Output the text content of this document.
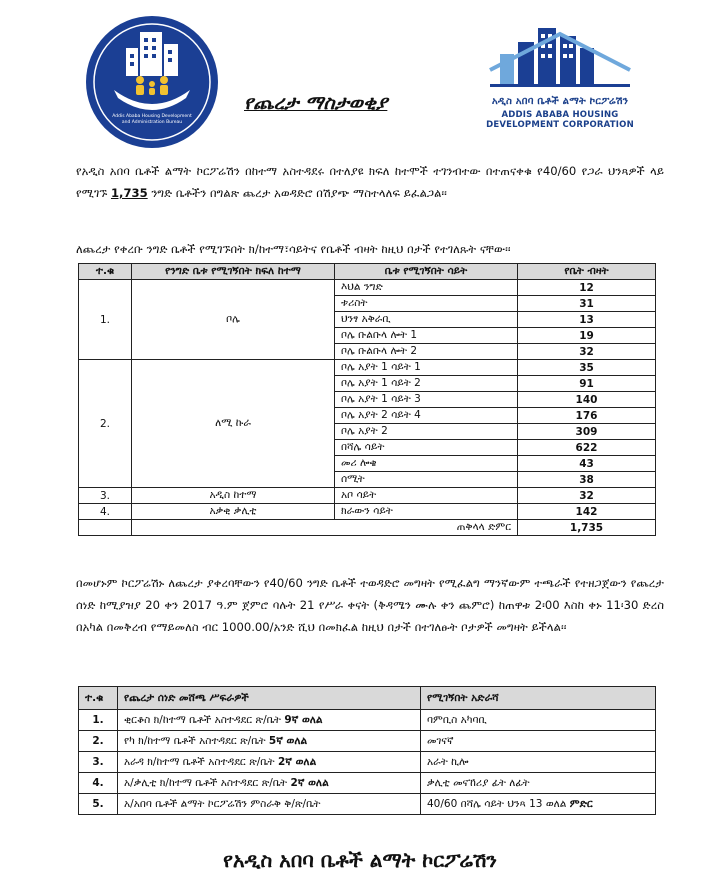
Addis Ababa Housing Development and Administration Bureau
አዲስ አበባ ቤቶች ልማት ኮርፖሬሽን
ADDIS ABABA HOUSING DEVELOPMENT CORPORATION
የጨረታ ማስታወቂያ
የአዲስ አበባ ቤቶች ልማት ኮርፖሬሽን በከተማ አስተዳደሩ በተለያዩ ክፍለ ከተሞች ተገንብተው በተጠናቀቁ የ40/60 የጋራ ህንጻዎች ላይ የሚገኙ 1,735 ንግድ ቤቶችን በግልጽ ጨረታ አወዳድሮ በሽያጭ ማስተላለፍ ይፈልጋል፡፡
ለጨረታ የቀረቡ ንግድ ቤቶች የሚገኙበት ክ/ከተማ፣ሳይትና የቤቶች ብዛት ከዚህ በታች የተገለጹት ናቸው፡፡
ተ.ቁ	የንግድ ቤቱ የሚገኝበት ክፍለ ከተማ	ቤቱ የሚገኝበት ሳይት	የቤት ብዛት
1.	ቦሌ	እህል ንግድ	12
		ቱሪስት	31
		ህንፃ አቅራቢ	13
		ቦሌ ቡልቡላ ሎት 1	19
		ቦሌ ቡልቡላ ሎት 2	32
2.	ለሚ ኩራ	ቦሌ አያት 1 ሳይት 1	35
		ቦሌ አያት 1 ሳይት 2	91
		ቦሌ አያት 1 ሳይት 3	140
		ቦሌ አያት 2 ሳይት 4	176
		ቦሌ አያት 2	309
		በሻሌ ሳይት	622
		መሪ ሎቄ	43
		ሰሚት	38
3.	አዲስ ከተማ	አቦ ሳይት	32
4.	አቃቂ ቃሊቲ	ክራውን ሳይት	142
	ጠቅላላ ድምር		1,735
በመሆኑም ኮርፖሬሽኑ ለጨረታ ያቀረባቸውን የ40/60 ንግድ ቤቶች ተወዳድሮ መግዛት የሚፈልግ ማንኛውም ተጫራች የተዘጋጀውን የጨረታ ሰነድ ከሚያዝያ 20 ቀን 2017 ዓ.ም ጀምሮ ባሉት 21 የሥራ ቀናት (ቅዳሜን ሙሉ ቀን ጨምሮ) ከጠዋቱ 2፡00 እስከ ቀኑ 11፡30 ድረስ በአካል በመቅረብ የማይመለስ ብር 1000.00/አንድ ሺህ በመክፈል ከዚህ በታች በተገለፁት ቦታዎች መግዛት ይችላል፡፡
ተ.ቁ	የጨረታ ሰነድ መሸጫ ሥፍራዎች	የሚገኝበት አድራሻ
1.	ቂርቆስ ክ/ከተማ ቤቶች አስተዳደር ጽ/ቤት 9ኛ ወለል	ባምቢስ አካባቢ
2.	የካ ክ/ከተማ ቤቶች አስተዳደር ጽ/ቤት 5ኛ ወለል	መገናኛ
3.	አራዳ ክ/ከተማ ቤቶች አስተዳደር ጽ/ቤት 2ኛ ወለል	አራት ኪሎ
4.	አ/ቃሊቲ ክ/ከተማ ቤቶች አስተዳደር ጽ/ቤት 2ኛ ወለል	ቃሊቲ መናኸሪያ ፊት ለፊት
5.	አ/አበባ ቤቶች ልማት ኮርፖሬሽን ምስራቅ ቅ/ጽ/ቤት	40/60 በሻሌ ሳይት ህንጻ 13 ወለል ምድር
የአዲስ አበባ ቤቶች ልማት ኮርፖሬሽን
